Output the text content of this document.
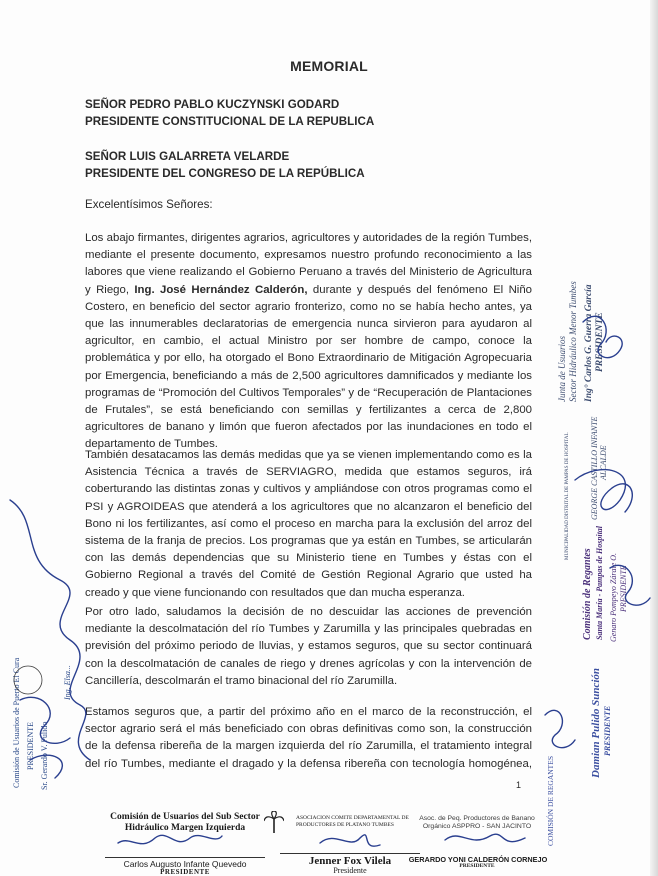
MEMORIAL
SEÑOR PEDRO PABLO KUCZYNSKI GODARD
PRESIDENTE CONSTITUCIONAL DE LA REPUBLICA
SEÑOR LUIS GALARRETA VELARDE
PRESIDENTE DEL CONGRESO DE LA REPÚBLICA
Excelentísimos Señores:

Los abajo firmantes, dirigentes agrarios, agricultores y autoridades de la región Tumbes, mediante el presente documento, expresamos nuestro profundo reconocimiento a las labores que viene realizando el Gobierno Peruano a través del Ministerio de Agricultura y Riego, Ing. José Hernández Calderón, durante y después del fenómeno El Niño Costero, en beneficio del sector agrario fronterizo, como no se había hecho antes, ya que las innumerables declaratorias de emergencia nunca sirvieron para ayudaron al agricultor, en cambio, el actual Ministro por ser hombre de campo, conoce la problemática y por ello, ha otorgado el Bono Extraordinario de Mitigación Agropecuaria por Emergencia, beneficiando a más de 2,500 agricultores damnificados y mediante los programas de “Promoción del Cultivos Temporales” y de “Recuperación de Plantaciones de Frutales”, se está beneficiando con semillas y fertilizantes a cerca de 2,800 agricultores de banano y limón que fueron afectados por las inundaciones en todo el departamento de Tumbes.

También desatacamos las demás medidas que ya se vienen implementando como es la Asistencia Técnica a través de SERVIAGRO, medida que estamos seguros, irá coberturando las distintas zonas y cultivos y ampliándose con otros programas como el PSI y AGROIDEAS que atenderá a los agricultores que no alcanzaron el beneficio del Bono ni los fertilizantes, así como el proceso en marcha para la exclusión del arroz del sistema de la franja de precios. Los programas que ya están en Tumbes, se articularán con las demás dependencias que su Ministerio tiene en Tumbes y éstas con el Gobierno Regional a través del Comité de Gestión Regional Agrario que usted ha creado y que viene funcionando con resultados que dan mucha esperanza.

Por otro lado, saludamos la decisión de no descuidar las acciones de prevención mediante la descolmatación del río Tumbes y Zarumilla y las principales quebradas en previsión del próximo periodo de lluvias, y estamos seguros, que su sector continuará con la descolmatación de canales de riego y drenes agrícolas y con la intervención de Cancillería, descolmarán el tramo binacional del río Zarumilla.

Estamos seguros que, a partir del próximo año en el marco de la reconstrucción, el sector agrario será el más beneficiado con obras definitivas como son, la construcción de la defensa ribereña de la margen izquierda del río Zarumilla, el tratamiento integral del río Tumbes, mediante el dragado y la defensa ribereña con tecnología homogénea,

1
Junta de Usuarios Sector Hidráulico Menor Tumbes Ing° Carlos G. Guerra García PRESIDENTE
GEORGE CASTILLO INFANTE ALCALDE
MUNICIPALIDAD DISTRITAL DE PAMPAS DE HOSPITAL
Comisión de Regantes Santa María - Pampas de Hospital Genaro Pompeyo Zárate O. PRESIDENTE
Damian Pulido Sunción PRESIDENTE
COMISIÓN DE REGANTES
Comisión de Usuarios de Puerto El Cura PRESIDENTE Sr. Gerardo V. Pulido
Ing. Elsa...
Comisión de Usuarios del Sub Sector Hidráulico Margen Izquierda
Carlos Augusto Infante Quevedo
PRESIDENTE
ASOCIACION COMITE DEPARTAMENTAL DE PRODUCTORES DE PLATANO TUMBES
Jenner Fox Vilela
Presidente
Asoc. de Peq. Productores de Banano Orgánico ASPPRO - SAN JACINTO
GERARDO YONI CALDERÓN CORNEJO
PRESIDENTE
